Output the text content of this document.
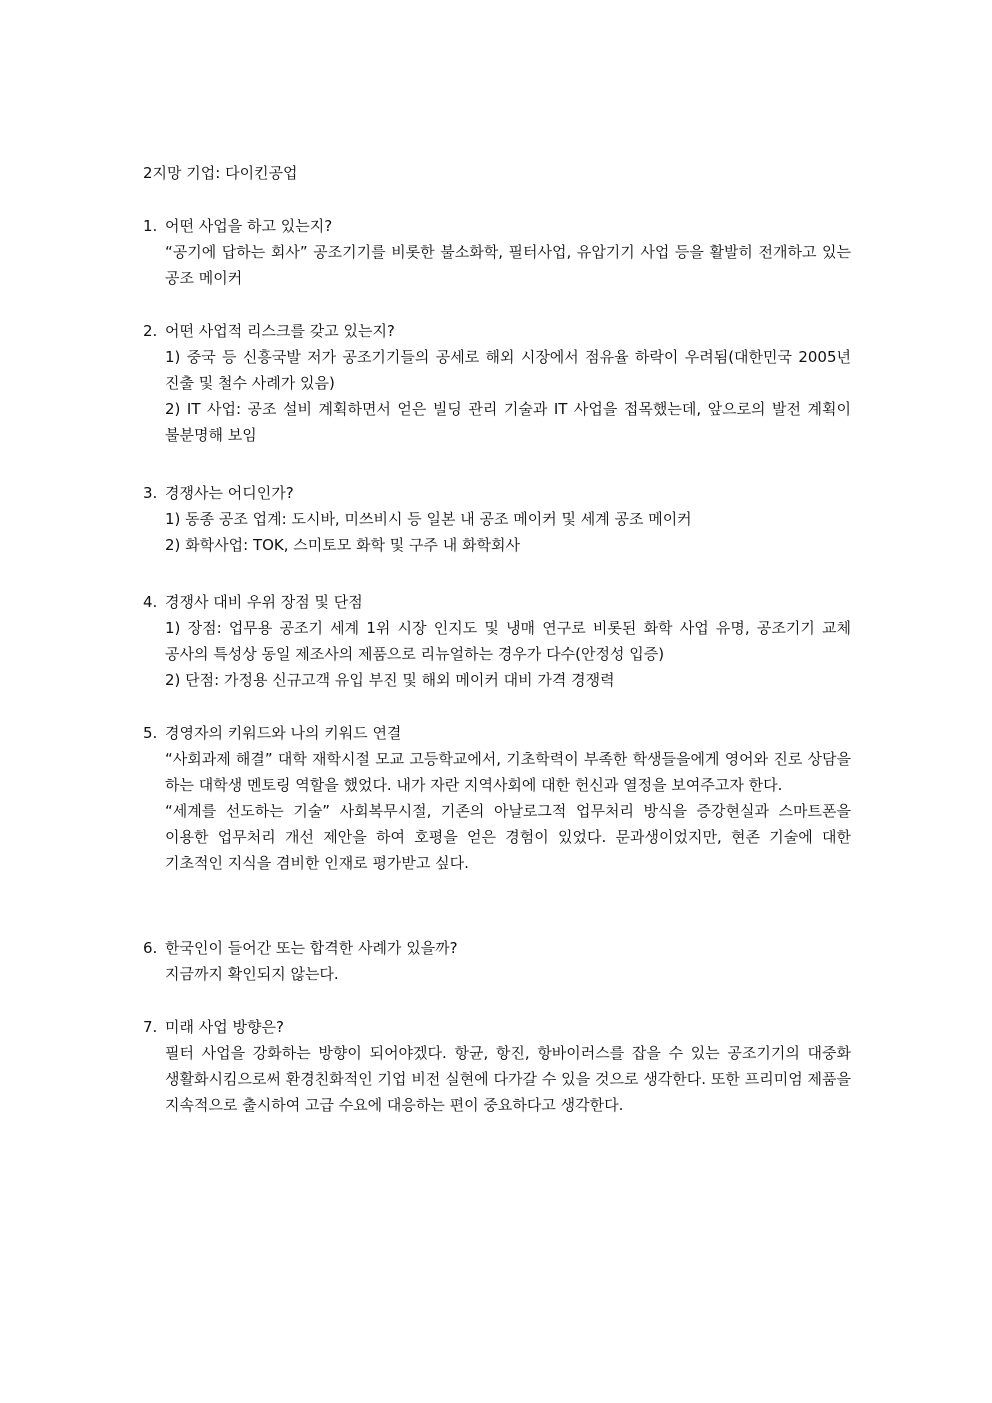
2지망 기업: 다이킨공업
1. 어떤 사업을 하고 있는지?
“공기에 답하는 회사” 공조기기를 비롯한 불소화학, 필터사업, 유압기기 사업 등을 활발히 전개하고 있는 공조 메이커
2. 어떤 사업적 리스크를 갖고 있는지?
1) 중국 등 신흥국발 저가 공조기기들의 공세로 해외 시장에서 점유율 하락이 우려됨(대한민국 2005년 진출 및 철수 사례가 있음)
2) IT 사업: 공조 설비 계획하면서 얻은 빌딩 관리 기술과 IT 사업을 접목했는데, 앞으로의 발전 계획이 불분명해 보임
3. 경쟁사는 어디인가?
1) 동종 공조 업계: 도시바, 미쓰비시 등 일본 내 공조 메이커 및 세계 공조 메이커
2) 화학사업: TOK, 스미토모 화학 및 구주 내 화학회사
4. 경쟁사 대비 우위 장점 및 단점
1) 장점: 업무용 공조기 세계 1위 시장 인지도 및 냉매 연구로 비롯된 화학 사업 유명, 공조기기 교체 공사의 특성상 동일 제조사의 제품으로 리뉴얼하는 경우가 다수(안정성 입증)
2) 단점: 가정용 신규고객 유입 부진 및 해외 메이커 대비 가격 경쟁력
5. 경영자의 키워드와 나의 키워드 연결
“사회과제 해결” 대학 재학시절 모교 고등학교에서, 기초학력이 부족한 학생들을에게 영어와 진로 상담을 하는 대학생 멘토링 역할을 했었다. 내가 자란 지역사회에 대한 헌신과 열정을 보여주고자 한다.
“세계를 선도하는 기술” 사회복무시절, 기존의 아날로그적 업무처리 방식을 증강현실과 스마트폰을 이용한 업무처리 개선 제안을 하여 호평을 얻은 경험이 있었다. 문과생이었지만, 현존 기술에 대한 기초적인 지식을 겸비한 인재로 평가받고 싶다.
6. 한국인이 들어간 또는 합격한 사례가 있을까?
지금까지 확인되지 않는다.
7. 미래 사업 방향은?
필터 사업을 강화하는 방향이 되어야겠다. 항균, 항진, 항바이러스를 잡을 수 있는 공조기기의 대중화 생활화시킴으로써 환경친화적인 기업 비전 실현에 다가갈 수 있을 것으로 생각한다. 또한 프리미엄 제품을 지속적으로 출시하여 고급 수요에 대응하는 편이 중요하다고 생각한다.
